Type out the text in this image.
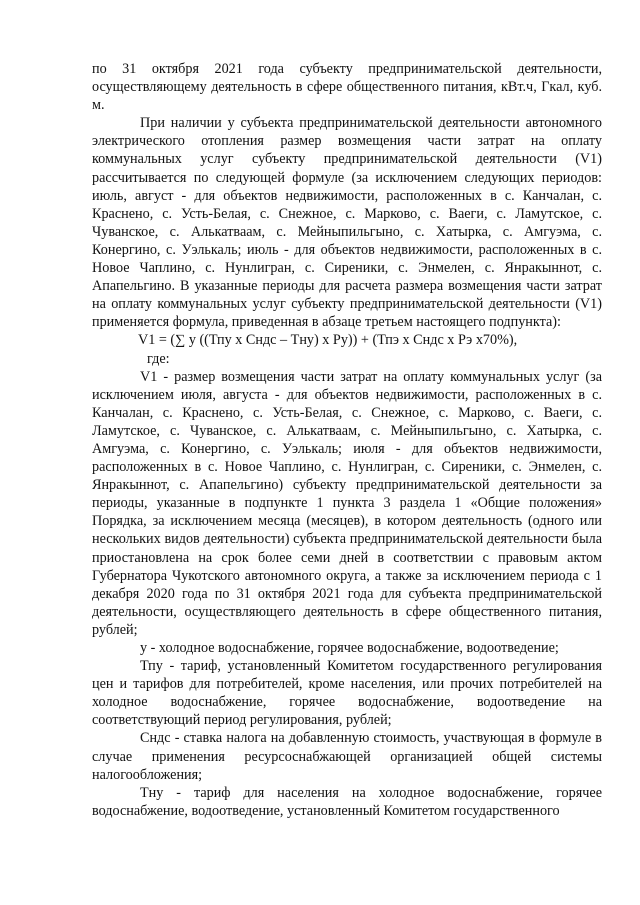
по 31 октября 2021 года субъекту предпринимательской деятельности, осуществляющему деятельность в сфере общественного питания, кВт.ч, Гкал, куб. м.

При наличии у субъекта предпринимательской деятельности автономного электрического отопления размер возмещения части затрат на оплату коммунальных услуг субъекту предпринимательской деятельности (V1) рассчитывается по следующей формуле (за исключением следующих периодов: июль, август - для объектов недвижимости, расположенных в с. Канчалан, с. Краснено, с. Усть-Белая, с. Снежное, с. Марково, с. Ваеги, с. Ламутское, с. Чуванское, с. Алькатваам, с. Мейныпильгыно, с. Хатырка, с. Амгуэма, с. Конергино, с. Уэлькаль; июль - для объектов недвижимости, расположенных в с. Новое Чаплино, с. Нунлигран, с. Сиреники, с. Энмелен, с. Янракыннот, с. Апапельгино. В указанные периоды для расчета размера возмещения части затрат на оплату коммунальных услуг субъекту предпринимательской деятельности (V1) применяется формула, приведенная в абзаце третьем настоящего подпункта):

V1 = (∑ у ((Тпу х Сндс – Тну) х Ру)) + (Тпэ х Сндс х Рэ х70%),

где:

V1 - размер возмещения части затрат на оплату коммунальных услуг (за исключением июля, августа - для объектов недвижимости, расположенных в с. Канчалан, с. Краснено, с. Усть-Белая, с. Снежное, с. Марково, с. Ваеги, с. Ламутское, с. Чуванское, с. Алькатваам, с. Мейныпильгыно, с. Хатырка, с. Амгуэма, с. Конергино, с. Уэлькаль; июля - для объектов недвижимости, расположенных в с. Новое Чаплино, с. Нунлигран, с. Сиреники, с. Энмелен, с. Янракыннот, с. Апапельгино) субъекту предпринимательской деятельности за периоды, указанные в подпункте 1 пункта 3 раздела 1 «Общие положения» Порядка, за исключением месяца (месяцев), в котором деятельность (одного или нескольких видов деятельности) субъекта предпринимательской деятельности была приостановлена на срок более семи дней в соответствии с правовым актом Губернатора Чукотского автономного округа, а также за исключением периода с 1 декабря 2020 года по 31 октября 2021 года для субъекта предпринимательской деятельности, осуществляющего деятельность в сфере общественного питания, рублей;

у - холодное водоснабжение, горячее водоснабжение, водоотведение;

Тпу - тариф, установленный Комитетом государственного регулирования цен и тарифов для потребителей, кроме населения, или прочих потребителей на холодное водоснабжение, горячее водоснабжение, водоотведение на соответствующий период регулирования, рублей;

Сндс - ставка налога на добавленную стоимость, участвующая в формуле в случае применения ресурсоснабжающей организацией общей системы налогообложения;

Тну - тариф для населения на холодное водоснабжение, горячее водоснабжение, водоотведение, установленный Комитетом государственного
